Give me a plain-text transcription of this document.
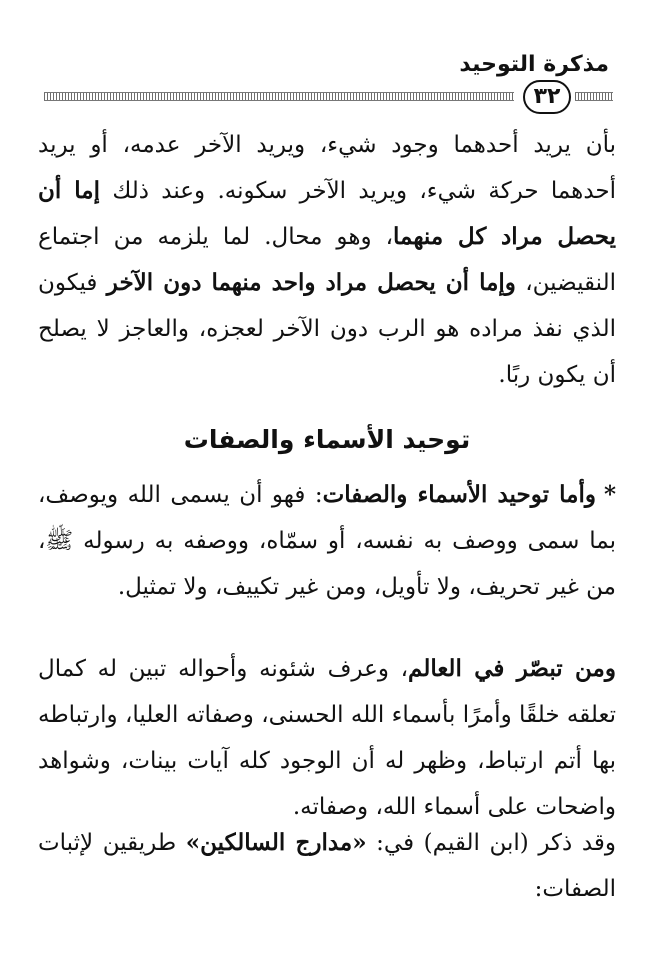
مذكرة التوحيد
٣٢
بأن يريد أحدهما وجود شيء، ويريد الآخر عدمه، أو يريد أحدهما حركة شيء، ويريد الآخر سكونه. وعند ذلك إما أن يحصل مراد كل منهما، وهو محال. لما يلزمه من اجتماع النقيضين، وإما أن يحصل مراد واحد منهما دون الآخر فيكون الذي نفذ مراده هو الرب دون الآخر لعجزه، والعاجز لا يصلح أن يكون ربًا.
توحيد الأسماء والصفات
*وأما توحيد الأسماء والصفات: فهو أن يسمى الله ويوصف، بما سمى ووصف به نفسه، أو سمّاه، ووصفه به رسوله ﷺ، من غير تحريف، ولا تأويل، ومن غير تكييف، ولا تمثيل.
ومن تبصّر في العالم، وعرف شئونه وأحواله تبين له كمال تعلقه خلقًا وأمرًا بأسماء الله الحسنى، وصفاته العليا، وارتباطه بها أتم ارتباط، وظهر له أن الوجود كله آيات بينات، وشواهد واضحات على أسماء الله، وصفاته.
وقد ذكر (ابن القيم) في: «مدارج السالكين» طريقين لإثبات الصفات:
